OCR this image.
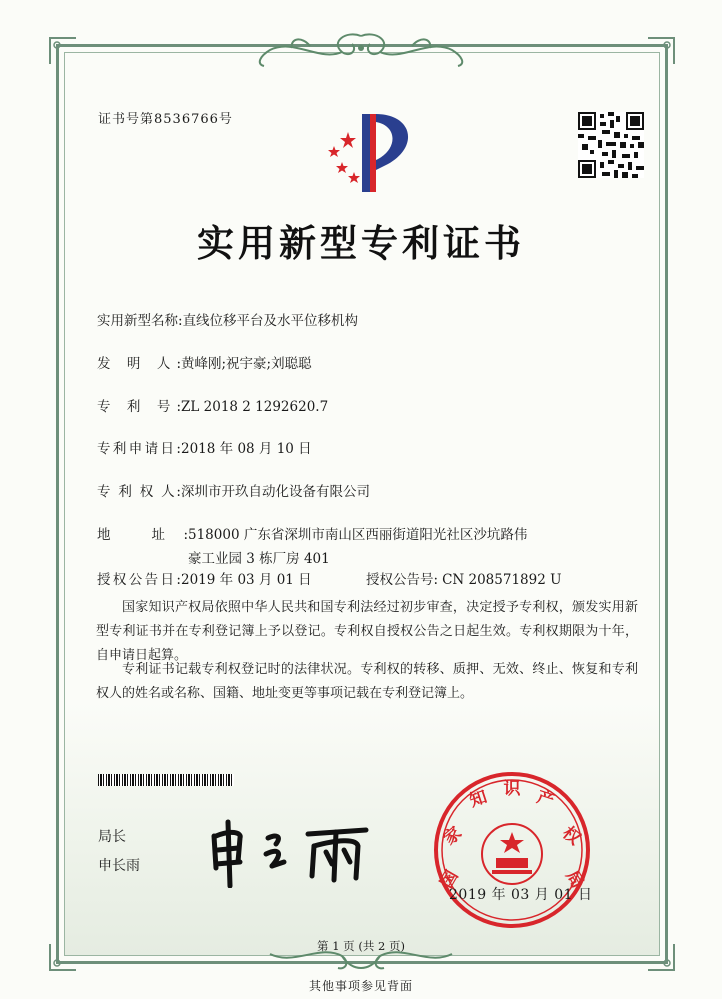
证书号第8536766号
实用新型专利证书
实用新型名称:直线位移平台及水平位移机构
发 明 人:黄峰刚;祝宇豪;刘聪聪
专 利 号:ZL 2018 2 1292620.7
专利申请日:2018 年 08 月 10 日
专 利 权 人:深圳市开玖自动化设备有限公司
地 址:518000 广东省深圳市南山区西丽街道阳光社区沙坑路伟
豪工业园 3 栋厂房 401
授权公告日:2019 年 03 月 01 日	授权公告号: CN 208571892 U
国家知识产权局依照中华人民共和国专利法经过初步审查，决定授予专利权，颁发实用新型专利证书并在专利登记簿上予以登记。专利权自授权公告之日起生效。专利权期限为十年，自申请日起算。
专利证书记载专利权登记时的法律状况。专利权的转移、质押、无效、终止、恢复和专利权人的姓名或名称、国籍、地址变更等事项记载在专利登记簿上。
局长
申长雨
国
家
知 识 产
权
局
2019 年 03 月 01 日
第 1 页 (共 2 页)
其他事项参见背面
